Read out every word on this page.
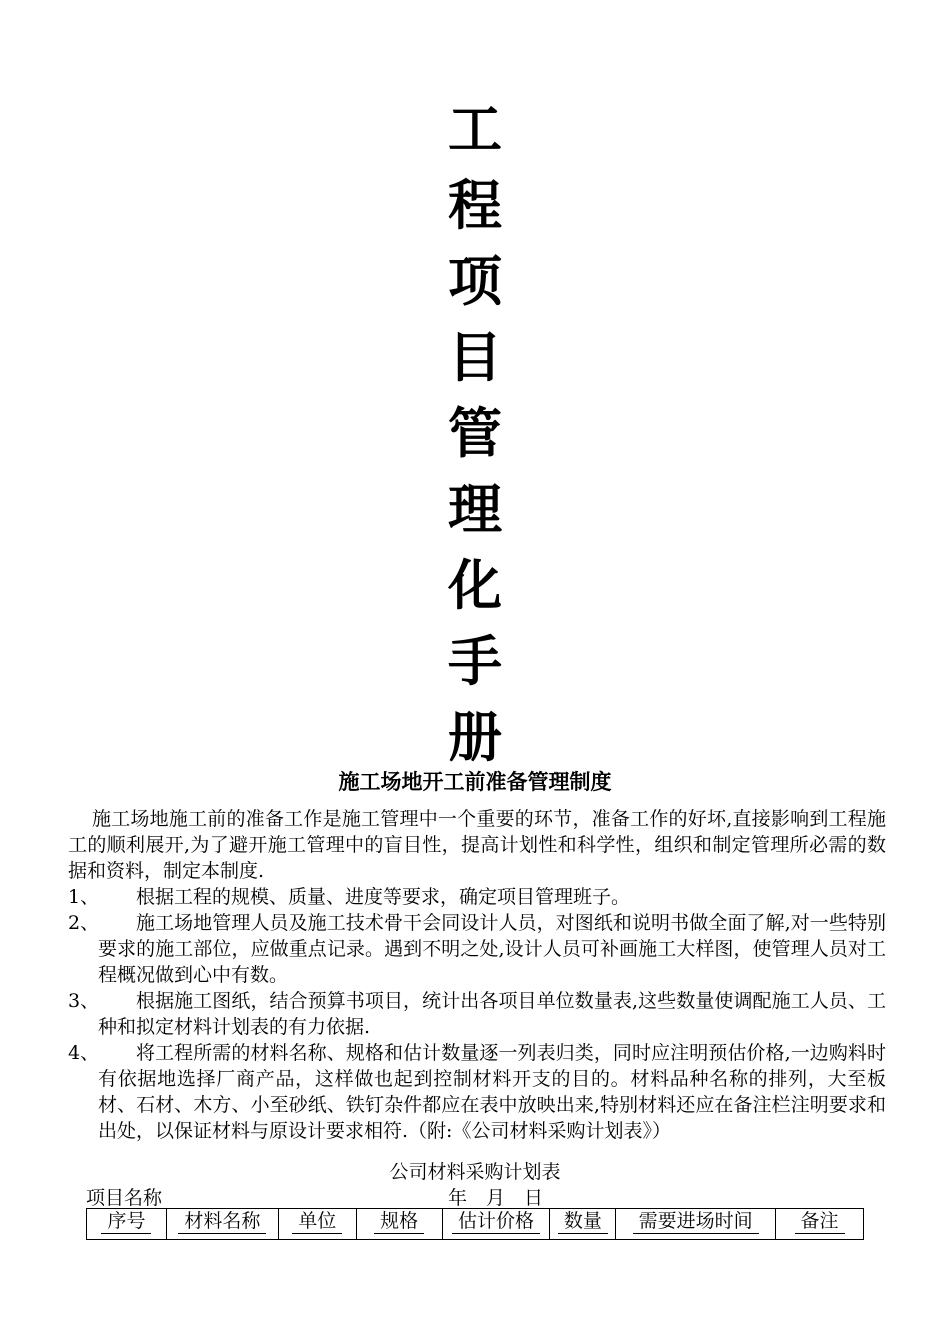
工
程
项
目
管
理
化
手
册
施工场地开工前准备管理制度

施工场地施工前的准备工作是施工管理中一个重要的环节，准备工作的好坏,直接影响到工程施工的顺利展开,为了避开施工管理中的盲目性，提高计划性和科学性，组织和制定管理所必需的数据和资料，制定本制度.

1、	根据工程的规模、质量、进度等要求，确定项目管理班子。
2、	施工场地管理人员及施工技术骨干会同设计人员，对图纸和说明书做全面了解,对一些特别要求的施工部位，应做重点记录。遇到不明之处,设计人员可补画施工大样图，使管理人员对工程概况做到心中有数。
3、	根据施工图纸，结合预算书项目，统计出各项目单位数量表,这些数量使调配施工人员、工种和拟定材料计划表的有力依据.
4、	将工程所需的材料名称、规格和估计数量逐一列表归类，同时应注明预估价格,一边购料时有依据地选择厂商产品，这样做也起到控制材料开支的目的。材料品种名称的排列，大至板材、石材、木方、小至砂纸、铁钉杂件都应在表中放映出来,特别材料还应在备注栏注明要求和出处，以保证材料与原设计要求相符.（附:《公司材料采购计划表》）
公司材料采购计划表
项目名称	年　月　日
序号	材料名称	单位	规格	估计价格	数量	需要进场时间	备注
